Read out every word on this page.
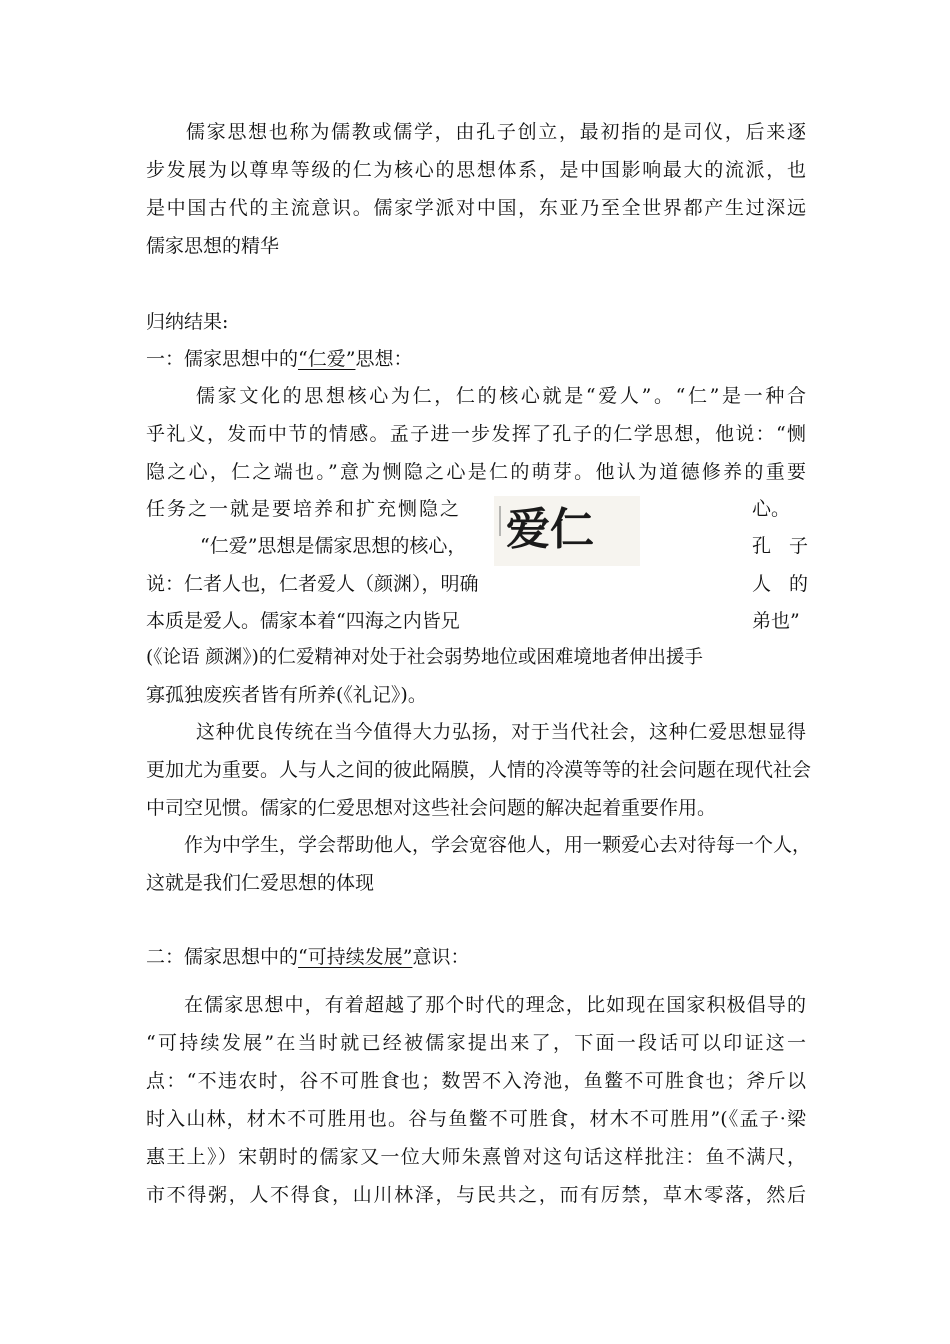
儒家思想也称为儒教或儒学，由孔子创立，最初指的是司仪，后来逐
步发展为以尊卑等级的仁为核心的思想体系，是中国影响最大的流派，也
是中国古代的主流意识。儒家学派对中国，东亚乃至全世界都产生过深远
儒家思想的精华
归纳结果:
一：儒家思想中的“仁爱”思想：
儒家文化的思想核心为仁，仁的核心就是“爱人”。“仁”是一种合
乎礼义，发而中节的情感。孟子进一步发挥了孔子的仁学思想，他说：“恻
隐之心，仁之端也。”意为恻隐之心是仁的萌芽。他认为道德修养的重要
任务之一就是要培养和扩充恻隐之	心。
爱仁
“仁爱”思想是儒家思想的核心，	孔 子
说：仁者人也，仁者爱人（颜渊），明确	人 的
本质是爱人。儒家本着“四海之内皆兄	弟也”
(《论语 颜渊》)的仁爱精神对处于社会弱势地位或困难境地者伸出援手
寡孤独废疾者皆有所养(《礼记》)。
这种优良传统在当今值得大力弘扬，对于当代社会，这种仁爱思想显得
更加尤为重要。人与人之间的彼此隔膜，人情的冷漠等等的社会问题在现代社会
中司空见惯。儒家的仁爱思想对这些社会问题的解决起着重要作用。
作为中学生，学会帮助他人，学会宽容他人，用一颗爱心去对待每一个人，
这就是我们仁爱思想的体现
二：儒家思想中的“可持续发展”意识：
在儒家思想中，有着超越了那个时代的理念，比如现在国家积极倡导的
“可持续发展”在当时就已经被儒家提出来了，下面一段话可以印证这一
点：“不违农时，谷不可胜食也；数罟不入洿池，鱼鳖不可胜食也；斧斤以
时入山林，材木不可胜用也。谷与鱼鳖不可胜食，材木不可胜用”(《孟子·梁
惠王上》）宋朝时的儒家又一位大师朱熹曾对这句话这样批注：鱼不满尺，
市不得粥，人不得食，山川林泽，与民共之，而有厉禁，草木零落，然后
